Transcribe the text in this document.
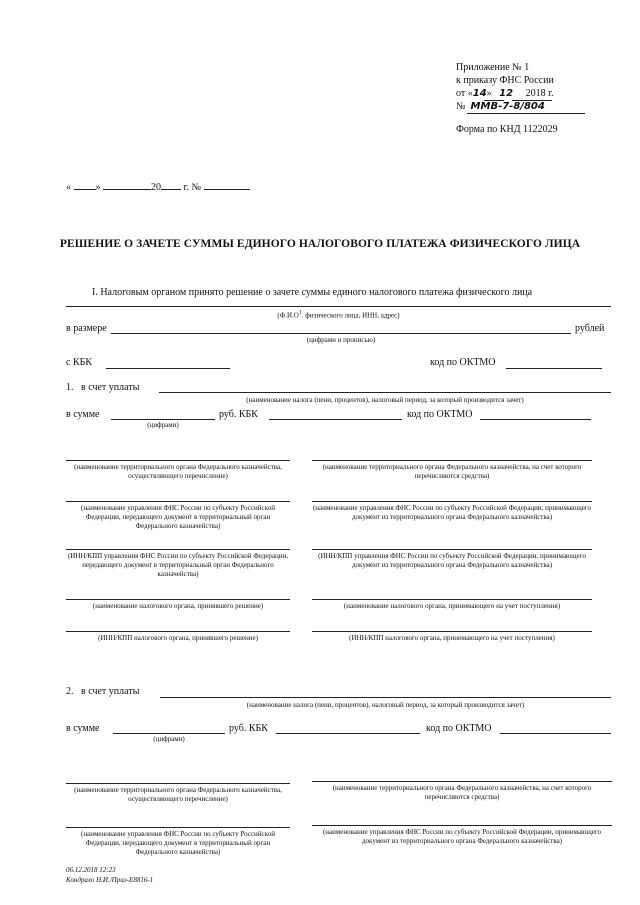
Приложение № 1
к приказу ФНС России
от «14» 12 2018 г.
№ ММВ-7-8/804
Форма по КНД 1122029
« »	20 г. №
РЕШЕНИЕ О ЗАЧЕТЕ СУММЫ ЕДИНОГО НАЛОГОВОГО ПЛАТЕЖА ФИЗИЧЕСКОГО ЛИЦА
I. Налоговым органом принято решение о зачете суммы единого налогового платежа физического лица
($Ф.И.О^1$. физического лица, ИНН, адрес)
в размере	рублей
(цифрами и прописью)
с КБК	код по ОКТМО
1. в счет уплаты
(наименование налога (пени, процентов), налоговый период, за который производится зачет)
в сумме	руб. КБК	код по ОКТМО
(цифрами)
(наименование территориального органа Федерального казначейства, осуществляющего перечисление)
(наименование территориального органа Федерального казначейства, на счет которого перечисляются средства)
(наименование управления ФНС России по субъекту Российской Федерации, передающего документ в территориальный орган Федерального казначейства)
(наименование управления ФНС России по субъекту Российской Федерации, принимающего документ из территориального органа Федерального казначейства)
(ИНН/КПП управления ФНС России по субъекту Российской Федерации, передающего документ в территориальный орган Федерального казначейства)
(ИНН/КПП управления ФНС России по субъекту Российской Федерации, принимающего документ из территориального органа Федерального казначейства)
(наименование налогового органа, принявшего решение)	(наименование налогового органа, принимающего на учет поступления)
(ИНН/КПП налогового органа, принявшего решение)	(ИНН/КПП налогового органа, принимающего на учет поступления)
2. в счет уплаты
(наименование налога (пени, процентов), налоговый период, за который производится зачет)
в сумме	руб. КБК	код по ОКТМО
(цифрами)
(наименование территориального органа Федерального казначейства, осуществляющего перечисление)
(наименование территориального органа Федерального казначейства, на счет которого перечисляются средства)
(наименование управления ФНС России по субъекту Российской Федерации, передающего документ в территориальный орган Федерального казначейства)
(наименование управления ФНС России по субъекту Российской Федерации, принимающего документ из территориального органа Федерального казначейства)
06.12.2018 12:23
Кондрахо Н.И./Прил-Е8816-1
